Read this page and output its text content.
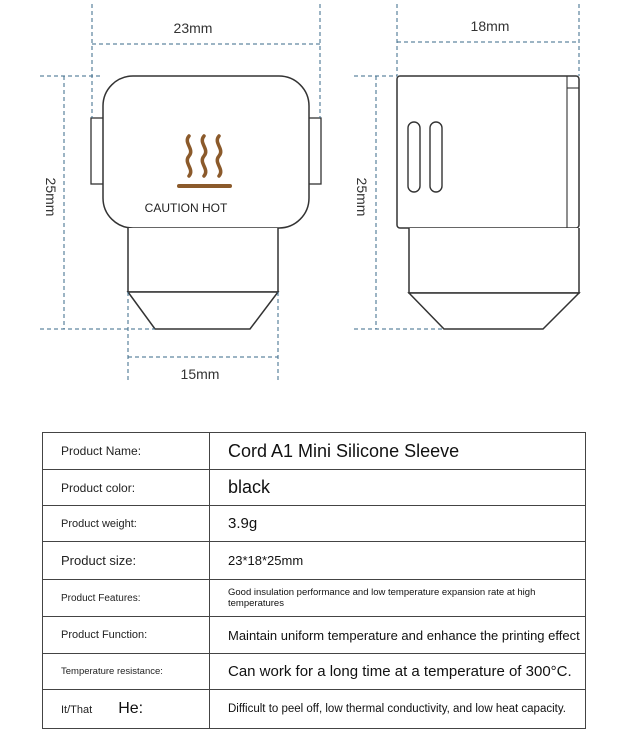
CAUTION HOT
23mm	18mm
25mm	25mm
15mm
Product Name:	Cord A1 Mini Silicone Sleeve
Product color:	black
Product weight:	3.9g
Product size:	23*18*25mm
Product Features:	Good insulation performance and low temperature expansion rate at high temperatures
Product Function:	Maintain uniform temperature and enhance the printing effect
Temperature resistance:	Can work for a long time at a temperature of 300°C.
It/That He:	Difficult to peel off, low thermal conductivity, and low heat capacity.
